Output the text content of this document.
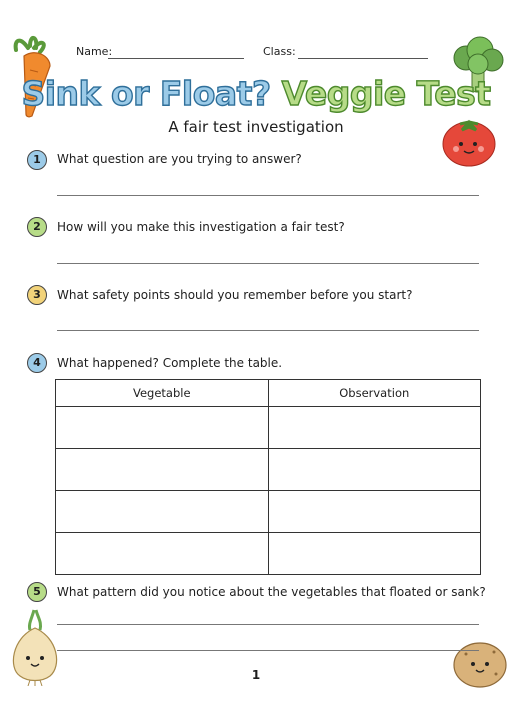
Name:	Class:
Sink or Float? Veggie Test
A fair test investigation
1	What question are you trying to answer?
2	How will you make this investigation a fair test?
3	What safety points should you remember before you start?
4	What happened? Complete the table.
Vegetable	Observation

5	What pattern did you notice about the vegetables that floated or sank?
1
